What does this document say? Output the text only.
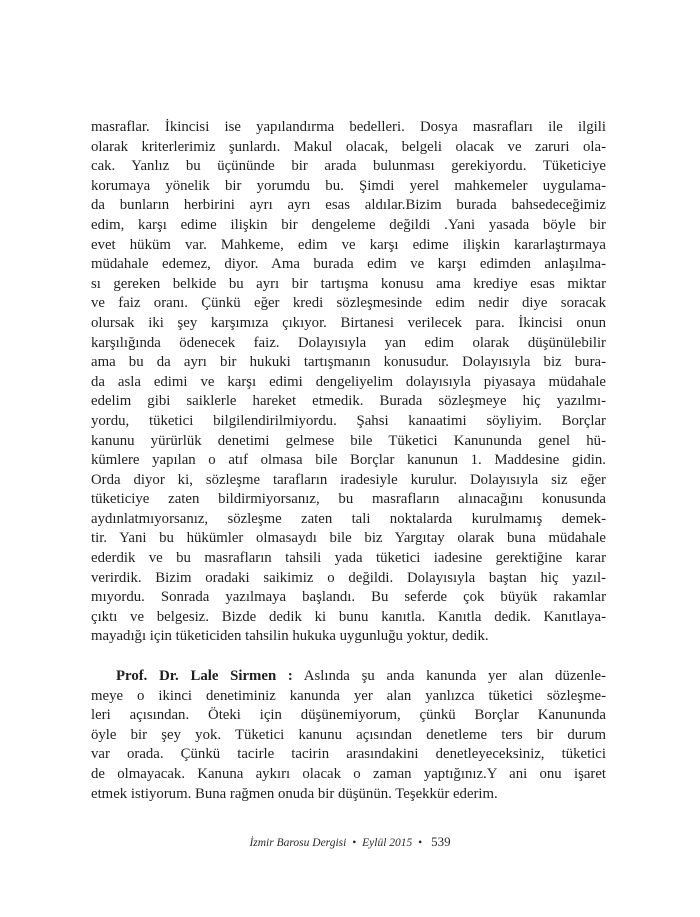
masraflar. İkincisi ise yapılandırma bedelleri. Dosya masrafları ile ilgili
olarak kriterlerimiz şunlardı. Makul olacak, belgeli olacak ve zaruri ola-
cak. Yanlız bu üçününde bir arada bulunması gerekiyordu. Tüketiciye
korumaya yönelik bir yorumdu bu. Şimdi yerel mahkemeler uygulama-
da bunların herbirini ayrı ayrı esas aldılar.Bizim burada bahsedeceğimiz
edim, karşı edime ilişkin bir dengeleme değildi .Yani yasada böyle bir
evet hüküm var. Mahkeme, edim ve karşı edime ilişkin kararlaştırmaya
müdahale edemez, diyor. Ama burada edim ve karşı edimden anlaşılma-
sı gereken belkide bu ayrı bir tartışma konusu ama krediye esas miktar
ve faiz oranı. Çünkü eğer kredi sözleşmesinde edim nedir diye soracak
olursak iki şey karşımıza çıkıyor. Birtanesi verilecek para. İkincisi onun
karşılığında ödenecek faiz. Dolayısıyla yan edim olarak düşünülebilir
ama bu da ayrı bir hukuki tartışmanın konusudur. Dolayısıyla biz bura-
da asla edimi ve karşı edimi dengeliyelim dolayısıyla piyasaya müdahale
edelim gibi saiklerle hareket etmedik. Burada sözleşmeye hiç yazılmı-
yordu, tüketici bilgilendirilmiyordu. Şahsi kanaatimi söyliyim. Borçlar
kanunu yürürlük denetimi gelmese bile Tüketici Kanununda genel hü-
kümlere yapılan o atıf olmasa bile Borçlar kanunun 1. Maddesine gidin.
Orda diyor ki, sözleşme tarafların iradesiyle kurulur. Dolayısıyla siz eğer
tüketiciye zaten bildirmiyorsanız, bu masrafların alınacağını konusunda
aydınlatmıyorsanız, sözleşme zaten tali noktalarda kurulmamış demek-
tir. Yani bu hükümler olmasaydı bile biz Yargıtay olarak buna müdahale
ederdik ve bu masrafların tahsili yada tüketici iadesine gerektiğine karar
verirdik. Bizim oradaki saikimiz o değildi. Dolayısıyla baştan hiç yazıl-
mıyordu. Sonrada yazılmaya başlandı. Bu seferde çok büyük rakamlar
çıktı ve belgesiz. Bizde dedik ki bunu kanıtla. Kanıtla dedik. Kanıtlaya-
mayadığı için tüketiciden tahsilin hukuka uygunluğu yoktur, dedik.
Prof. Dr. Lale Sirmen : Aslında şu anda kanunda yer alan düzenle-
meye o ikinci denetiminiz kanunda yer alan yanlızca tüketici sözleşme-
leri açısından. Öteki için düşünemiyorum, çünkü Borçlar Kanununda
öyle bir şey yok. Tüketici kanunu açısından denetleme ters bir durum
var orada. Çünkü tacirle tacirin arasındakini denetleyeceksiniz, tüketici
de olmayacak. Kanuna aykırı olacak o zaman yaptığınız.Y ani onu işaret
etmek istiyorum. Buna rağmen onuda bir düşünün. Teşekkür ederim.
İzmir Barosu Dergisi • Eylül 2015 • 539
